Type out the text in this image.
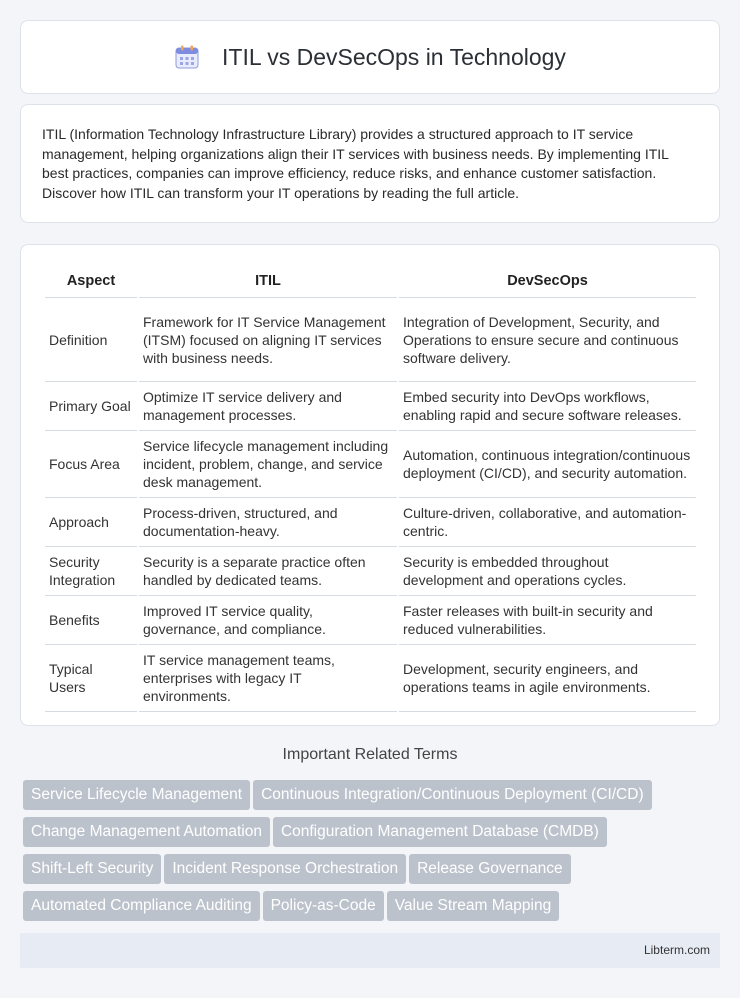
ITIL vs DevSecOps in Technology

ITIL (Information Technology Infrastructure Library) provides a structured approach to IT service management, helping organizations align their IT services with business needs. By implementing ITIL best practices, companies can improve efficiency, reduce risks, and enhance customer satisfaction. Discover how ITIL can transform your IT operations by reading the full article.

Aspect	ITIL	DevSecOps
Definition	Framework for IT Service Management (ITSM) focused on aligning IT services with business needs.	Integration of Development, Security, and Operations to ensure secure and continuous software delivery.
Primary Goal	Optimize IT service delivery and management processes.	Embed security into DevOps workflows, enabling rapid and secure software releases.
Focus Area	Service lifecycle management including incident, problem, change, and service desk management.	Automation, continuous integration/continuous deployment (CI/CD), and security automation.
Approach	Process-driven, structured, and documentation-heavy.	Culture-driven, collaborative, and automation-centric.
Security Integration	Security is a separate practice often handled by dedicated teams.	Security is embedded throughout development and operations cycles.
Benefits	Improved IT service quality, governance, and compliance.	Faster releases with built-in security and reduced vulnerabilities.
Typical Users	IT service management teams, enterprises with legacy IT environments.	Development, security engineers, and operations teams in agile environments.
Important Related Terms
Service Lifecycle Management Continuous Integration/Continuous Deployment (CI/CD)
Change Management Automation Configuration Management Database (CMDB)
Shift-Left Security Incident Response Orchestration Release Governance
Automated Compliance Auditing Policy-as-Code Value Stream Mapping
Libterm.com
